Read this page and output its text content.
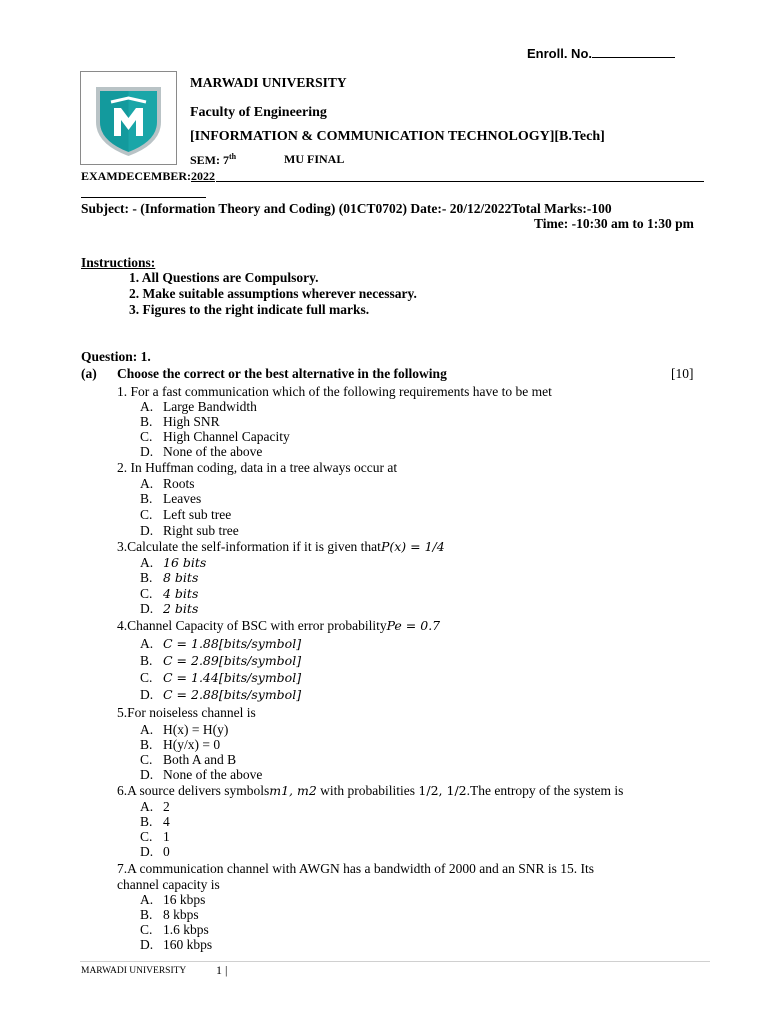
Enroll. No.
MARWADI UNIVERSITY
Faculty of Engineering
[INFORMATION & COMMUNICATION TECHNOLOGY][B.Tech]
SEM: 7th	MU FINAL
EXAMDECEMBER:2022
Subject: - (Information Theory and Coding) (01CT0702) Date:- 20/12/2022Total Marks:-100
Time: -10:30 am to 1:30 pm
Instructions:
1. All Questions are Compulsory.
2. Make suitable assumptions wherever necessary.
3. Figures to the right indicate full marks.
Question: 1.
(a) Choose the correct or the best alternative in the following	[10]
1. For a fast communication which of the following requirements have to be met
A. Large Bandwidth
B. High SNR
C. High Channel Capacity
D. None of the above
2. In Huffman coding, data in a tree always occur at
A. Roots
B. Leaves
C. Left sub tree
D. Right sub tree
3.Calculate the self-information if it is given thatP(x) = 1/4
A. 16 bits
B. 8 bits
C. 4 bits
D. 2 bits
4.Channel Capacity of BSC with error probabilityPe = 0.7
A. C = 1.88[bits/symbol]
B. C = 2.89[bits/symbol]
C. C = 1.44[bits/symbol]
D. C = 2.88[bits/symbol]
5.For noiseless channel is
A. H(x) = H(y)
B. H(y/x) = 0
C. Both A and B
D. None of the above
6.A source delivers symbolsm1, m2 with probabilities 1/2, 1/2.The entropy of the system is
A. 2
B. 4
C. 1
D. 0
7.A communication channel with AWGN has a bandwidth of 2000 and an SNR is 15. Its
channel capacity is
A. 16 kbps
B. 8 kbps
C. 1.6 kbps
D. 160 kbps
MARWADI UNIVERSITY 1 |
